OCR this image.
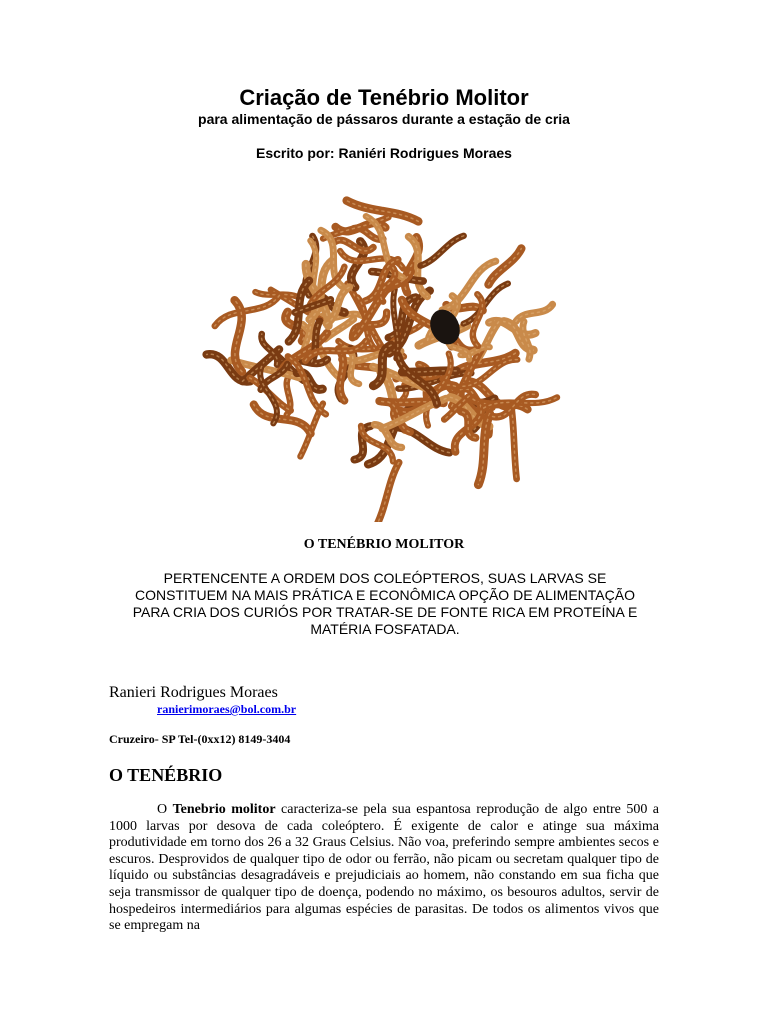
Criação de Tenébrio Molitor
para alimentação de pássaros durante a estação de cria
Escrito por: Raniéri Rodrigues Moraes
O TENÉBRIO MOLITOR
PERTENCENTE A ORDEM DOS COLEÓPTEROS, SUAS LARVAS SE
CONSTITUEM NA MAIS PRÁTICA E ECONÔMICA OPÇÃO DE ALIMENTAÇÃO
PARA CRIA DOS CURIÓS POR TRATAR-SE DE FONTE RICA EM PROTEÍNA E
MATÉRIA FOSFATADA.
Ranieri Rodrigues Moraes
ranierimoraes@bol.com.br
Cruzeiro- SP Tel-(0xx12) 8149-3404
O TENÉBRIO

O Tenebrio molitor caracteriza-se pela sua espantosa reprodução de algo entre 500 a 1000 larvas por desova de cada coleóptero. É exigente de calor e atinge sua máxima produtividade em torno dos 26 a 32 Graus Celsius. Não voa, preferindo sempre ambientes secos e escuros. Desprovidos de qualquer tipo de odor ou ferrão, não picam ou secretam qualquer tipo de líquido ou substâncias desagradáveis e prejudiciais ao homem, não constando em sua ficha que seja transmissor de qualquer tipo de doença, podendo no máximo, os besouros adultos, servir de hospedeiros intermediários para algumas espécies de parasitas. De todos os alimentos vivos que se empregam na
